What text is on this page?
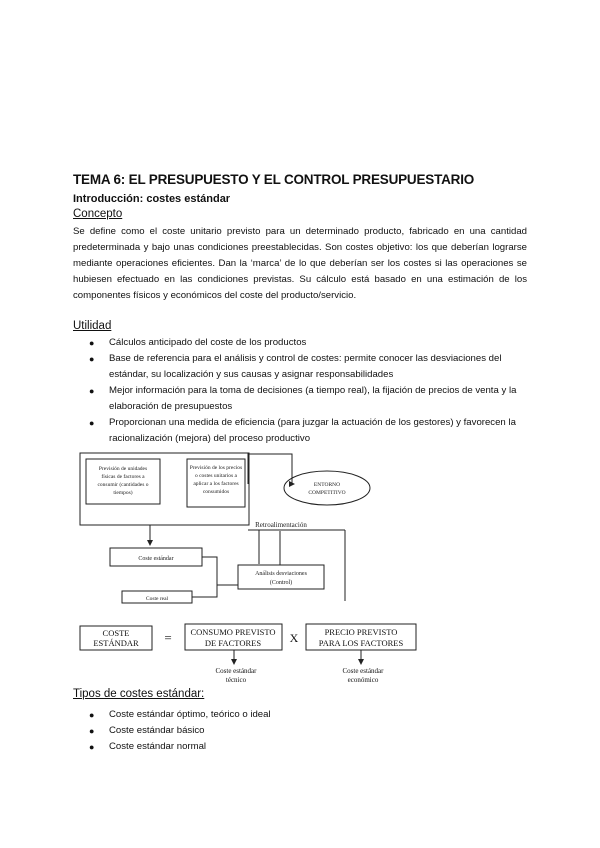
TEMA 6: EL PRESUPUESTO Y EL CONTROL PRESUPUESTARIO
Introducción: costes estándar
Concepto
Se define como el coste unitario previsto para un determinado producto, fabricado en una cantidad predeterminada y bajo unas condiciones preestablecidas. Son costes objetivo: los que deberían lograrse mediante operaciones eficientes. Dan la ‘marca’ de lo que deberían ser los costes si las operaciones se hubiesen efectuado en las condiciones previstas. Su cálculo está basado en una estimación de los componentes físicos y económicos del coste del producto/servicio.
Utilidad
● Cálculos anticipado del coste de los productos
● Base de referencia para el análisis y control de costes: permite conocer las desviaciones del estándar, su localización y sus causas y asignar responsabilidades
● Mejor información para la toma de decisiones (a tiempo real), la fijación de precios de venta y la elaboración de presupuestos
● Proporcionan una medida de eficiencia (para juzgar la actuación de los gestores) y favorecen la racionalización (mejora) del proceso productivo
Previsión de unidades
físicas de factores a
consumir (cantidades o
tiempos)
Previsión de los precios
o costes unitarios a
aplicar a los factores
consumidos
ENTORNO
COMPETITIVO
Coste estándar
Coste real
Análisis desviaciones
(Control)
Retroalimentación
COSTE
ESTÁNDAR = CONSUMO PREVISTO
DE FACTORES X	PRECIO PREVISTO
PARA LOS FACTORES
Coste estándar
técnico
Coste estándar
económico
Tipos de costes estándar:
● Coste estándar óptimo, teórico o ideal
● Coste estándar básico
● Coste estándar normal
